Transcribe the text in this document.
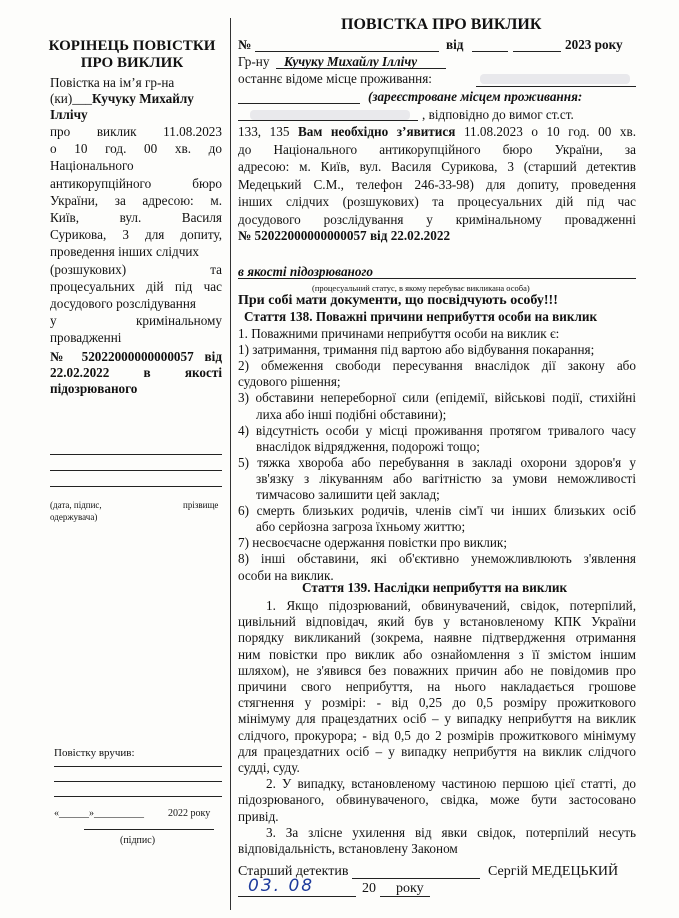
КОРІНЕЦЬ ПОВІСТКИ
ПРО ВИКЛИК
Повістка на ім’я гр-на
(ки)___Кучуку Михайлу
Іллічу
про виклик 11.08.2023
о 10 год. 00 хв. до
Національного
антикорупційного бюро
України, за адресою: м.
Київ, вул. Василя
Сурикова, 3 для допиту,
проведення інших слідчих
(розшукових) та
процесуальних дій під час
досудового розслідування
у кримінальному
провадженні
№ 52022000000000057 від
22.02.2022 в якості
підозрюваного
(дата, підпис,	прізвище
одержувача)
Повістку вручив:
«______»__________ 2022 року
(підпис)
ПОВІСТКА ПРО ВИКЛИК
№	від	2023 року
Гр-ну Кучуку Михайлу Іллічу
останнє відоме місце проживання:
(зареєстроване місцем проживання:
, відповідно до вимог ст.ст.
133, 135 Вам необхідно з’явитися 11.08.2023 о 10 год. 00 хв.
до Національного антикорупційного бюро України, за
адресою: м. Київ, вул. Василя Сурикова, 3 (старший детектив
Медецький С.М., телефон 246-33-98) для допиту, проведення
інших слідчих (розшукових) та процесуальних дій під час
досудового розслідування у кримінальному провадженні
№ 52022000000000057 від 22.02.2022
в якості підозрюваного
(процесуальний статус, в якому перебуває викликана особа)
При собі мати документи, що посвідчують особу!!!
Стаття 138. Поважні причини неприбуття особи на виклик
1. Поважними причинами неприбуття особи на виклик є:
1) затримання, тримання під вартою або відбування покарання;
2) обмеження свободи пересування внаслідок дії закону або
судового рішення;
3) обставини непереборної сили (епідемії, військові події, стихійні
лиха або інші подібні обставини);
4) відсутність особи у місці проживання протягом тривалого часу
внаслідок відрядження, подорожі тощо;
5) тяжка хвороба або перебування в закладі охорони здоров'я у
зв'язку з лікуванням або вагітністю за умови неможливості
тимчасово залишити цей заклад;
6) смерть близьких родичів, членів сім'ї чи інших близьких осіб
або серйозна загроза їхньому життю;
7) несвоєчасне одержання повістки про виклик;
8) інші обставини, які об'єктивно унеможливлюють з'явлення
особи на виклик.
Стаття 139. Наслідки неприбуття на виклик
1. Якщо підозрюваний, обвинувачений, свідок, потерпілий,
цивільний відповідач, який був у встановленому КПК України
порядку викликаний (зокрема, наявне підтвердження отримання
ним повістки про виклик або ознайомлення з її змістом іншим
шляхом), не з'явився без поважних причин або не повідомив про
причини свого неприбуття, на нього накладається грошове
стягнення у розмірі: - від 0,25 до 0,5 розміру прожиткового
мінімуму для працездатних осіб – у випадку неприбуття на виклик
слідчого, прокурора; - від 0,5 до 2 розмірів прожиткового мінімуму
для працездатних осіб – у випадку неприбуття на виклик слідчого
судді, суду.
2. У випадку, встановленому частиною першою цієї статті, до
підозрюваного, обвинуваченого, свідка, може бути застосовано
привід.
3. За злісне ухилення від явки свідок, потерпілий несуть
відповідальність, встановлену Законом
Старший детектив	Сергій МЕДЕЦЬКИЙ
03. 08	20 року
